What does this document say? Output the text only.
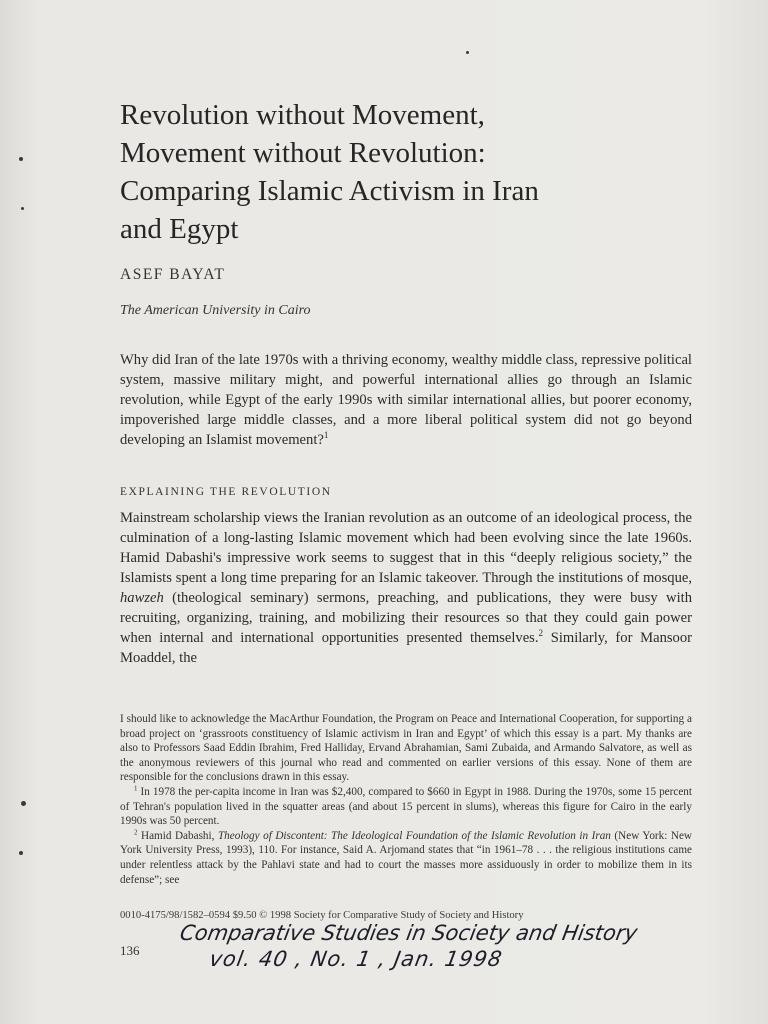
Revolution without Movement,
Movement without Revolution:
Comparing Islamic Activism in Iran
and Egypt
ASEF BAYAT
The American University in Cairo

Why did Iran of the late 1970s with a thriving economy, wealthy middle class, repressive political system, massive military might, and powerful international allies go through an Islamic revolution, while Egypt of the early 1990s with similar international allies, but poorer economy, impoverished large middle classes, and a more liberal political system did not go beyond developing an Islamist movement?$^1$

EXPLAINING THE REVOLUTION

Mainstream scholarship views the Iranian revolution as an outcome of an ideological process, the culmination of a long-lasting Islamic movement which had been evolving since the late 1960s. Hamid Dabashi's impressive work seems to suggest that in this “deeply religious society,” the Islamists spent a long time preparing for an Islamic takeover. Through the institutions of mosque, hawzeh (theological seminary) sermons, preaching, and publications, they were busy with recruiting, organizing, training, and mobilizing their resources so that they could gain power when internal and international opportunities presented themselves.$^2$ Similarly, for Mansoor Moaddel, the

I should like to acknowledge the MacArthur Foundation, the Program on Peace and International Cooperation, for supporting a broad project on ‘grassroots constituency of Islamic activism in Iran and Egypt’ of which this essay is a part. My thanks are also to Professors Saad Eddin Ibrahim, Fred Halliday, Ervand Abrahamian, Sami Zubaida, and Armando Salvatore, as well as the anonymous reviewers of this journal who read and commented on earlier versions of this essay. None of them are responsible for the conclusions drawn in this essay.

$^1$ In 1978 the per-capita income in Iran was $2,400, compared to $660 in Egypt in 1988. During the 1970s, some 15 percent of Tehran's population lived in the squatter areas (and about 15 percent in slums), whereas this figure for Cairo in the early 1990s was 50 percent.

$^2$ Hamid Dabashi, Theology of Discontent: The Ideological Foundation of the Islamic Revolution in Iran (New York: New York University Press, 1993), 110. For instance, Said A. Arjomand states that “in 1961–78 . . . the religious institutions came under relentless attack by the Pahlavi state and had to court the masses more assiduously in order to mobilize them in its defense”; see

0010-4175/98/1582–0594 $9.50 © 1998 Society for Comparative Study of Society and History
136
Comparative Studies in Society and History
vol. 40 , No. 1 , Jan. 1998
